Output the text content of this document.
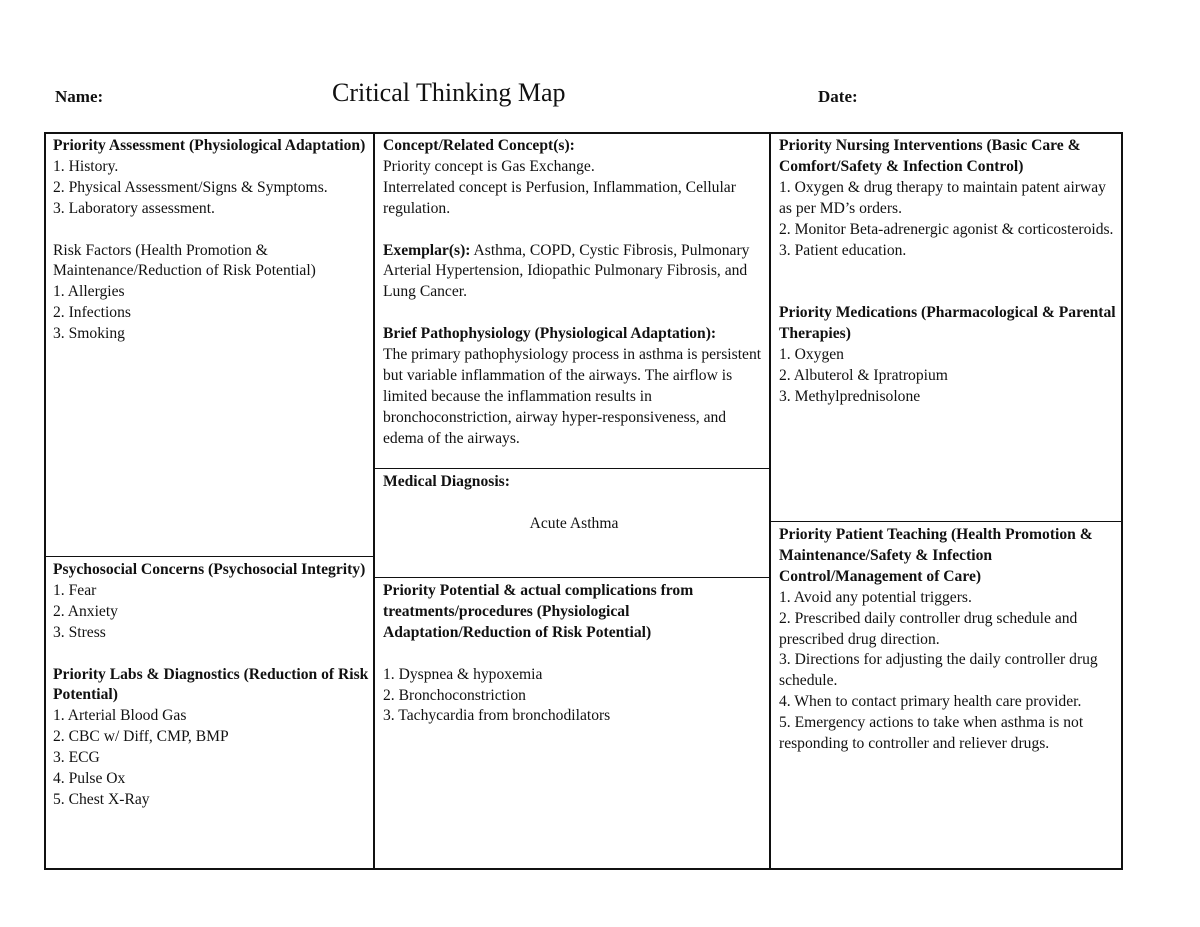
Name:	Critical Thinking Map	Date:
Priority Assessment (Physiological Adaptation)
1. History.
2. Physical Assessment/Signs & Symptoms.
3. Laboratory assessment.
Risk Factors (Health Promotion & Maintenance/Reduction of Risk Potential)
1. Allergies
2. Infections
3. Smoking
Psychosocial Concerns (Psychosocial Integrity)
1. Fear
2. Anxiety
3. Stress
Priority Labs & Diagnostics (Reduction of Risk Potential)
1. Arterial Blood Gas
2. CBC w/ Diff, CMP, BMP
3. ECG
4. Pulse Ox
5. Chest X-Ray
Concept/Related Concept(s):
Priority concept is Gas Exchange.
Interrelated concept is Perfusion, Inflammation, Cellular regulation.
Exemplar(s): Asthma, COPD, Cystic Fibrosis, Pulmonary Arterial Hypertension, Idiopathic Pulmonary Fibrosis, and Lung Cancer.
Brief Pathophysiology (Physiological Adaptation):
The primary pathophysiology process in asthma is persistent but variable inflammation of the airways. The airflow is limited because the inflammation results in bronchoconstriction, airway hyper-responsiveness, and edema of the airways.
Medical Diagnosis:
Acute Asthma
Priority Potential & actual complications from treatments/procedures (Physiological Adaptation/Reduction of Risk Potential)
1. Dyspnea & hypoxemia
2. Bronchoconstriction
3. Tachycardia from bronchodilators
Priority Nursing Interventions (Basic Care & Comfort/Safety & Infection Control)
1. Oxygen & drug therapy to maintain patent airway as per MD’s orders.
2. Monitor Beta-adrenergic agonist & corticosteroids.
3. Patient education.
Priority Medications (Pharmacological & Parental Therapies)
1. Oxygen
2. Albuterol & Ipratropium
3. Methylprednisolone
Priority Patient Teaching (Health Promotion & Maintenance/Safety & Infection Control/Management of Care)
1. Avoid any potential triggers.
2. Prescribed daily controller drug schedule and prescribed drug direction.
3. Directions for adjusting the daily controller drug schedule.
4. When to contact primary health care provider.
5. Emergency actions to take when asthma is not responding to controller and reliever drugs.
